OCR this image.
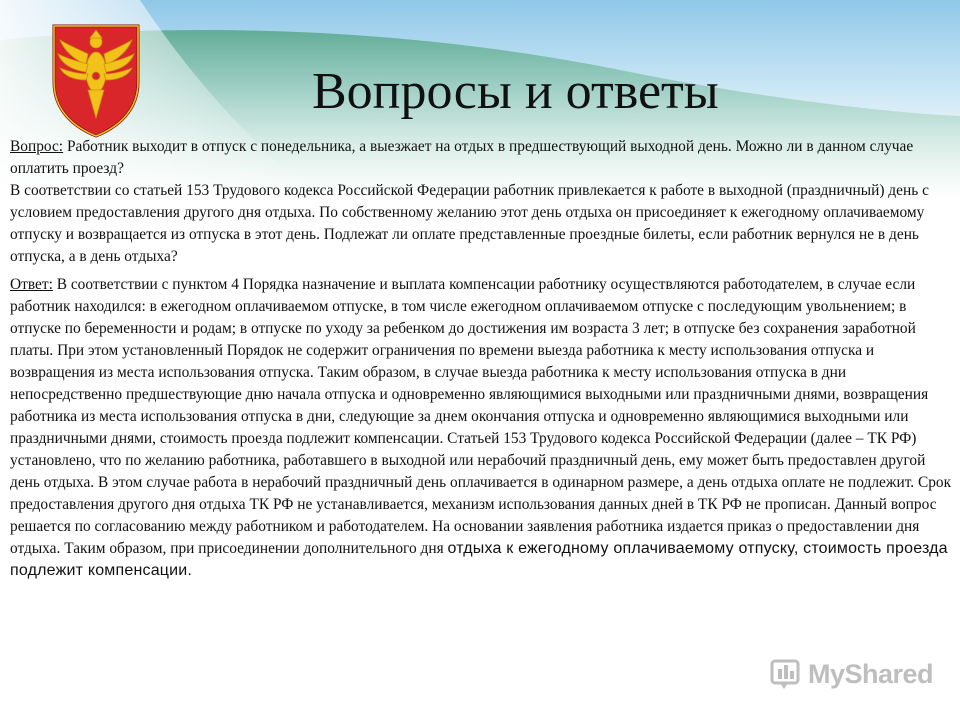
Вопросы и ответы

Вопрос: Работник выходит в отпуск с понедельника, а выезжает на отдых в предшествующий выходной день. Можно ли в данном случае оплатить проезд?

В соответствии со статьей 153 Трудового кодекса Российской Федерации работник привлекается к работе в выходной (праздничный) день с условием предоставления другого дня отдыха. По собственному желанию этот день отдыха он присоединяет к ежегодному оплачиваемому отпуску и возвращается из отпуска в этот день. Подлежат ли оплате представленные проездные билеты, если работник вернулся не в день отпуска, а в день отдыха?

Ответ: В соответствии с пунктом 4 Порядка назначение и выплата компенсации работнику осуществляются работодателем, в случае если работник находился: в ежегодном оплачиваемом отпуске, в том числе ежегодном оплачиваемом отпуске с последующим увольнением; в отпуске по беременности и родам; в отпуске по уходу за ребенком до достижения им возраста 3 лет; в отпуске без сохранения заработной платы. При этом установленный Порядок не содержит ограничения по времени выезда работника к месту использования отпуска и возвращения из места использования отпуска. Таким образом, в случае выезда работника к месту использования отпуска в дни непосредственно предшествующие дню начала отпуска и одновременно являющимися выходными или праздничными днями, возвращения работника из места использования отпуска в дни, следующие за днем окончания отпуска и одновременно являющимися выходными или праздничными днями, стоимость проезда подлежит компенсации. Статьей 153 Трудового кодекса Российской Федерации (далее – ТК РФ) установлено, что по желанию работника, работавшего в выходной или нерабочий праздничный день, ему может быть предоставлен другой день отдыха. В этом случае работа в нерабочий праздничный день оплачивается в одинарном размере, а день отдыха оплате не подлежит. Срок предоставления другого дня отдыха ТК РФ не устанавливается, механизм использования данных дней в ТК РФ не прописан. Данный вопрос решается по согласованию между работником и работодателем. На основании заявления работника издается приказ о предоставлении дня отдыха. Таким образом, при присоединении дополнительного дня отдыха к ежегодному оплачиваемому отпуску, стоимость проезда подлежит компенсации.

MyShared
